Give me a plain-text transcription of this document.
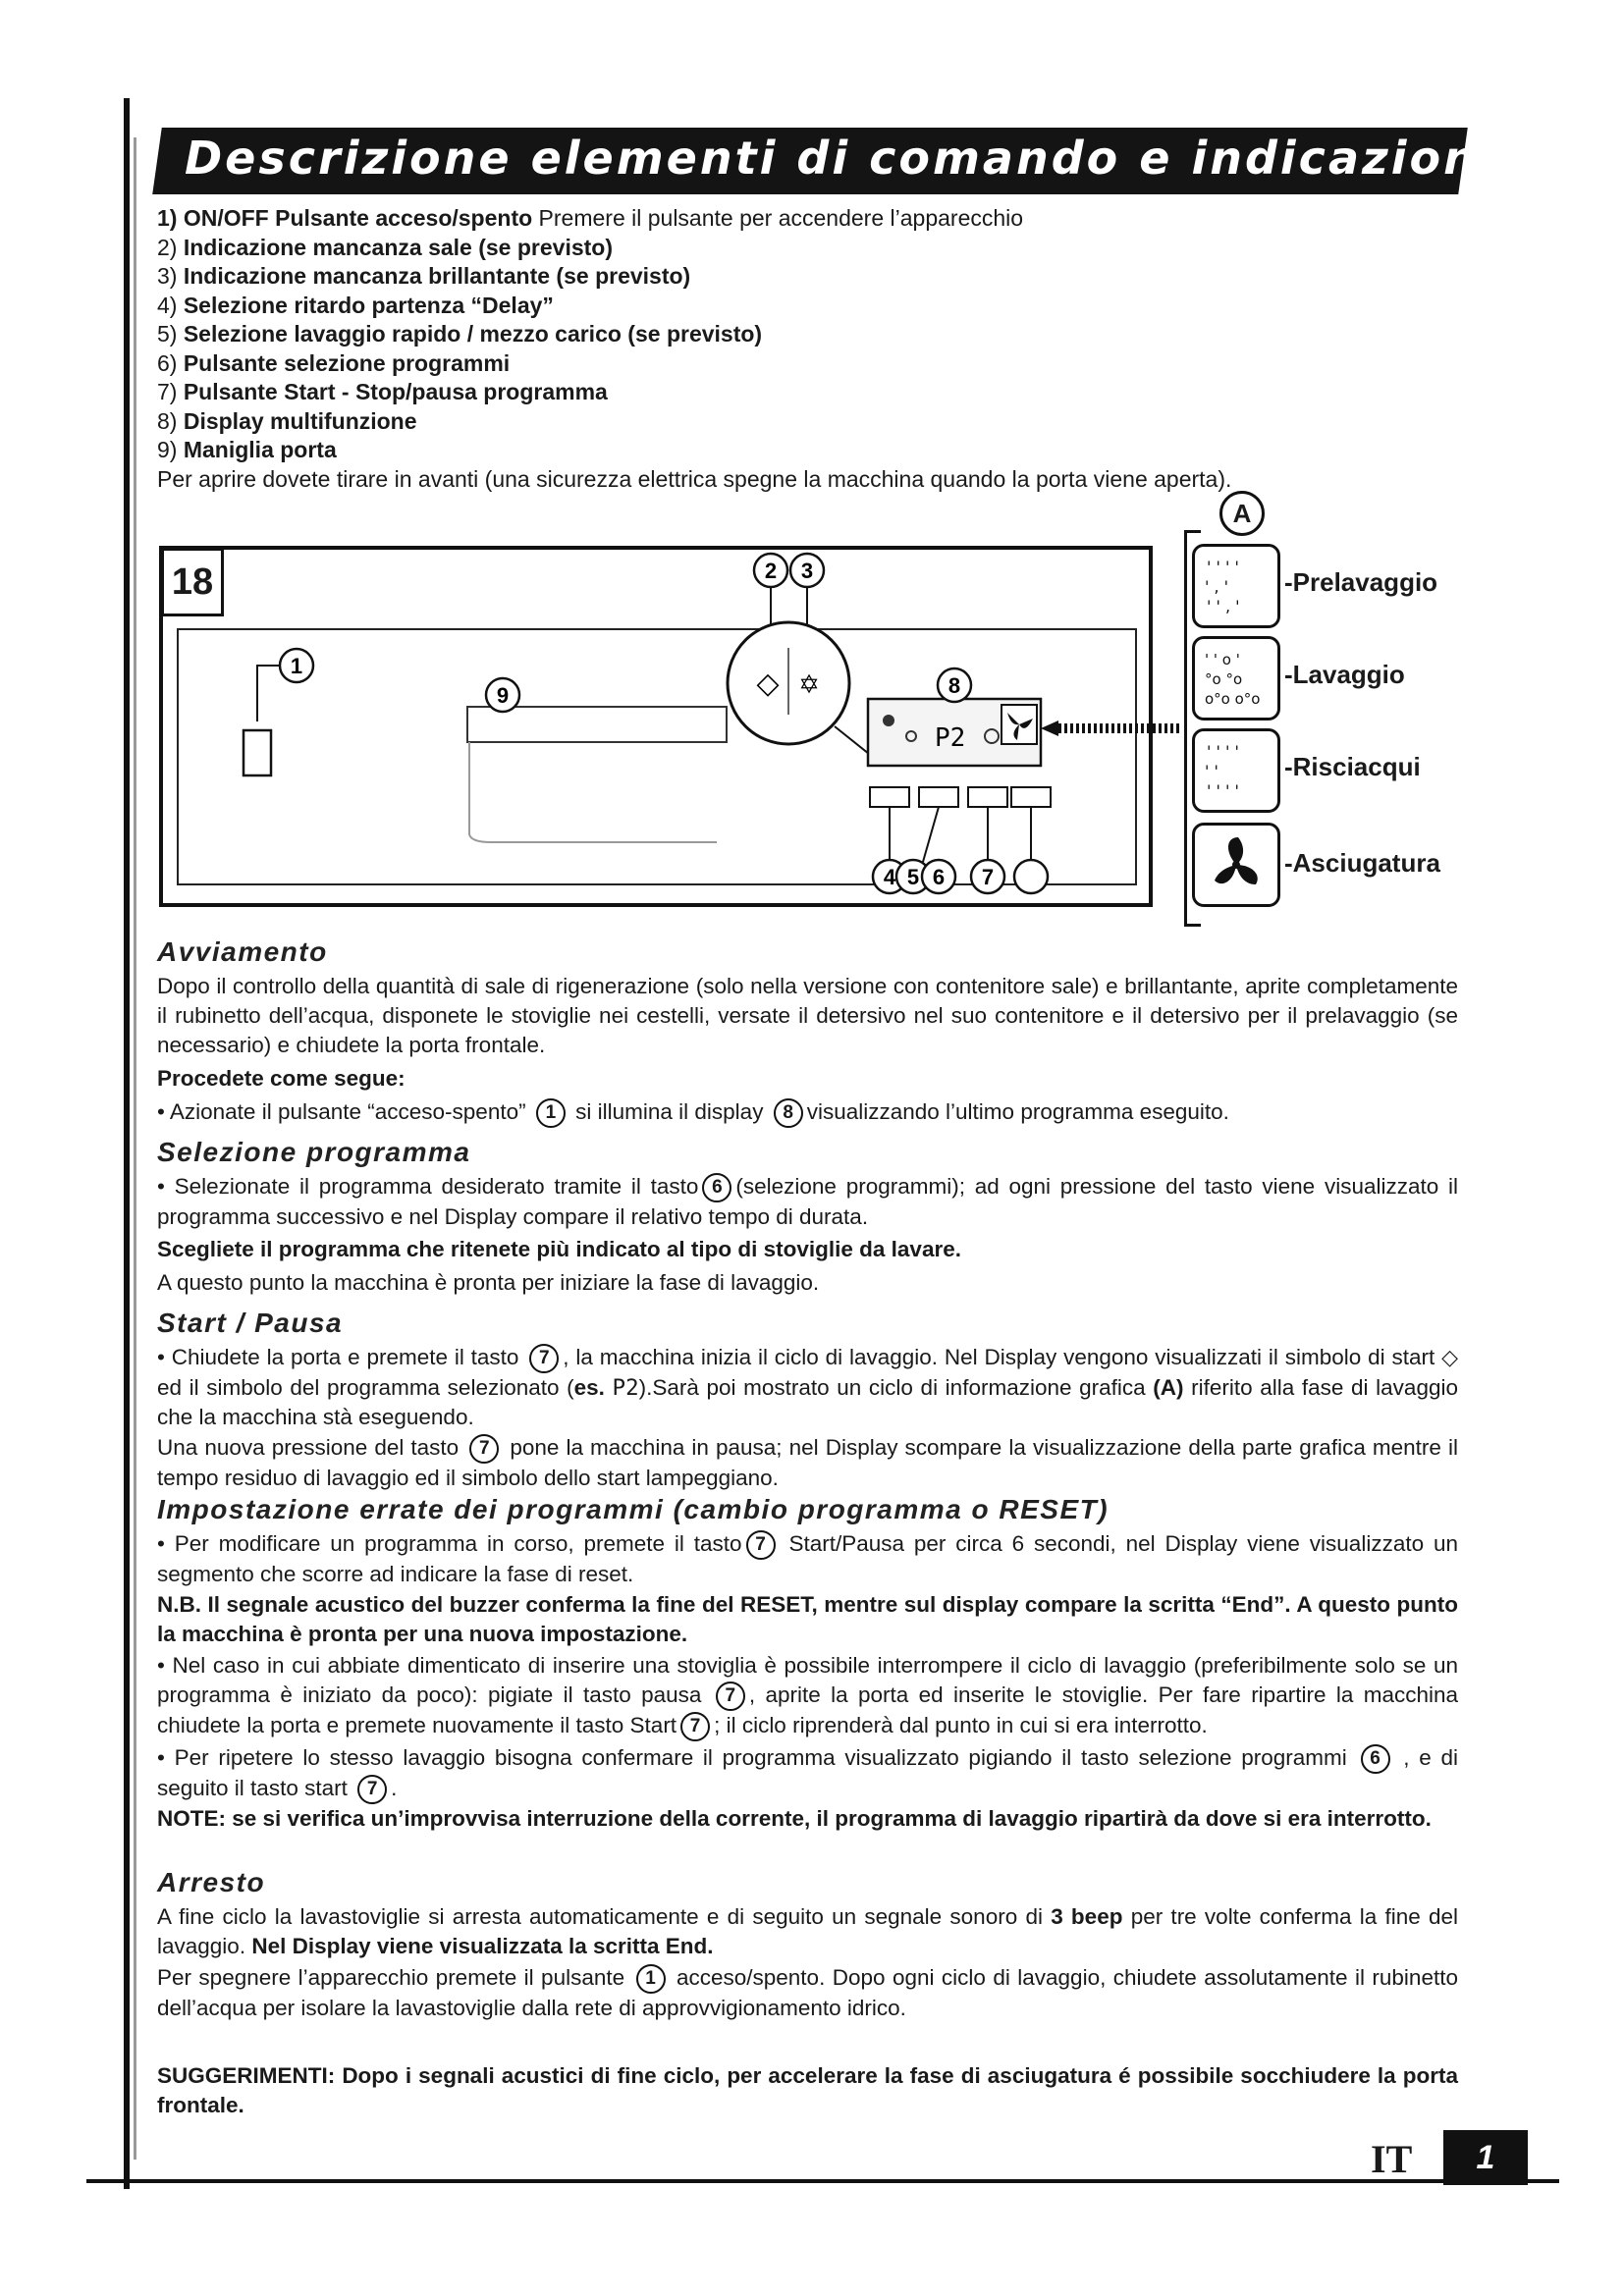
Descrizione elementi di comando e indicazione
1) ON/OFF Pulsante acceso/spento Premere il pulsante per accendere l’apparecchio
2) Indicazione mancanza sale (se previsto)
3) Indicazione mancanza brillantante (se previsto)
4) Selezione ritardo partenza “Delay”
5) Selezione lavaggio rapido / mezzo carico (se previsto)
6) Pulsante selezione programmi
7) Pulsante Start - Stop/pausa programma
8) Display multifunzione
9) Maniglia porta
Per aprire dovete tirare in avanti (una sicurezza elettrica spegne la macchina quando la porta viene aperta).
18
1
9
2 3
◇ ✡
P2
8
4 5 6 7
A
' ' ' '
' , '
' ' , '
-Prelavaggio
' ' o '
°o °o
o°o o°o
-Lavaggio
' ' ' '
' '
' ' ' '
-Risciacqui
-Asciugatura
Avviamento
Dopo il controllo della quantità di sale di rigenerazione (solo nella versione con contenitore sale) e brillantante, aprite completamente il rubinetto dell’acqua, disponete le stoviglie nei cestelli, versate il detersivo nel suo contenitore e il detersivo per il prelavaggio (se necessario) e chiudete la porta frontale.
Procedete come segue:
• Azionate il pulsante “acceso-spento” 1 si illumina il display 8 visualizzando l’ultimo programma eseguito.
Selezione programma
• Selezionate il programma desiderato tramite il tasto 6 (selezione programmi); ad ogni pressione del tasto viene visualizzato il programma successivo e nel Display compare il relativo tempo di durata.
Scegliete il programma che ritenete più indicato al tipo di stoviglie da lavare.
A questo punto la macchina è pronta per iniziare la fase di lavaggio.
Start / Pausa
• Chiudete la porta e premete il tasto 7 , la macchina inizia il ciclo di lavaggio. Nel Display vengono visualizzati il simbolo di start ◇ ed il simbolo del programma selezionato (es. P2).Sarà poi mostrato un ciclo di informazione grafica (A) riferito alla fase di lavaggio che la macchina stà eseguendo.
Una nuova pressione del tasto 7 pone la macchina in pausa; nel Display scompare la visualizzazione della parte grafica mentre il tempo residuo di lavaggio ed il simbolo dello start lampeggiano.
Impostazione errate dei programmi (cambio programma o RESET)
• Per modificare un programma in corso, premete il tasto 7 Start/Pausa per circa 6 secondi, nel Display viene visualizzato un segmento che scorre ad indicare la fase di reset.
N.B. Il segnale acustico del buzzer conferma la fine del RESET, mentre sul display compare la scritta “End”. A questo punto la macchina è pronta per una nuova impostazione.
• Nel caso in cui abbiate dimenticato di inserire una stoviglia è possibile interrompere il ciclo di lavaggio (preferibilmente solo se un programma è iniziato da poco): pigiate il tasto pausa 7 , aprite la porta ed inserite le stoviglie. Per fare ripartire la macchina chiudete la porta e premete nuovamente il tasto Start 7 ; il ciclo riprenderà dal punto in cui si era interrotto.
• Per ripetere lo stesso lavaggio bisogna confermare il programma visualizzato pigiando il tasto selezione programmi 6 , e di seguito il tasto start 7 .
NOTE: se si verifica un’improvvisa interruzione della corrente, il programma di lavaggio ripartirà da dove si era interrotto.
Arresto
A fine ciclo la lavastoviglie si arresta automaticamente e di seguito un segnale sonoro di 3 beep per tre volte conferma la fine del lavaggio. Nel Display viene visualizzata la scritta End.
Per spegnere l’apparecchio premete il pulsante 1 acceso/spento. Dopo ogni ciclo di lavaggio, chiudete assolutamente il rubinetto dell’acqua per isolare la lavastoviglie dalla rete di approvvigionamento idrico.
SUGGERIMENTI: Dopo i segnali acustici di fine ciclo, per accelerare la fase di asciugatura é possibile socchiudere la porta frontale.
IT	1
